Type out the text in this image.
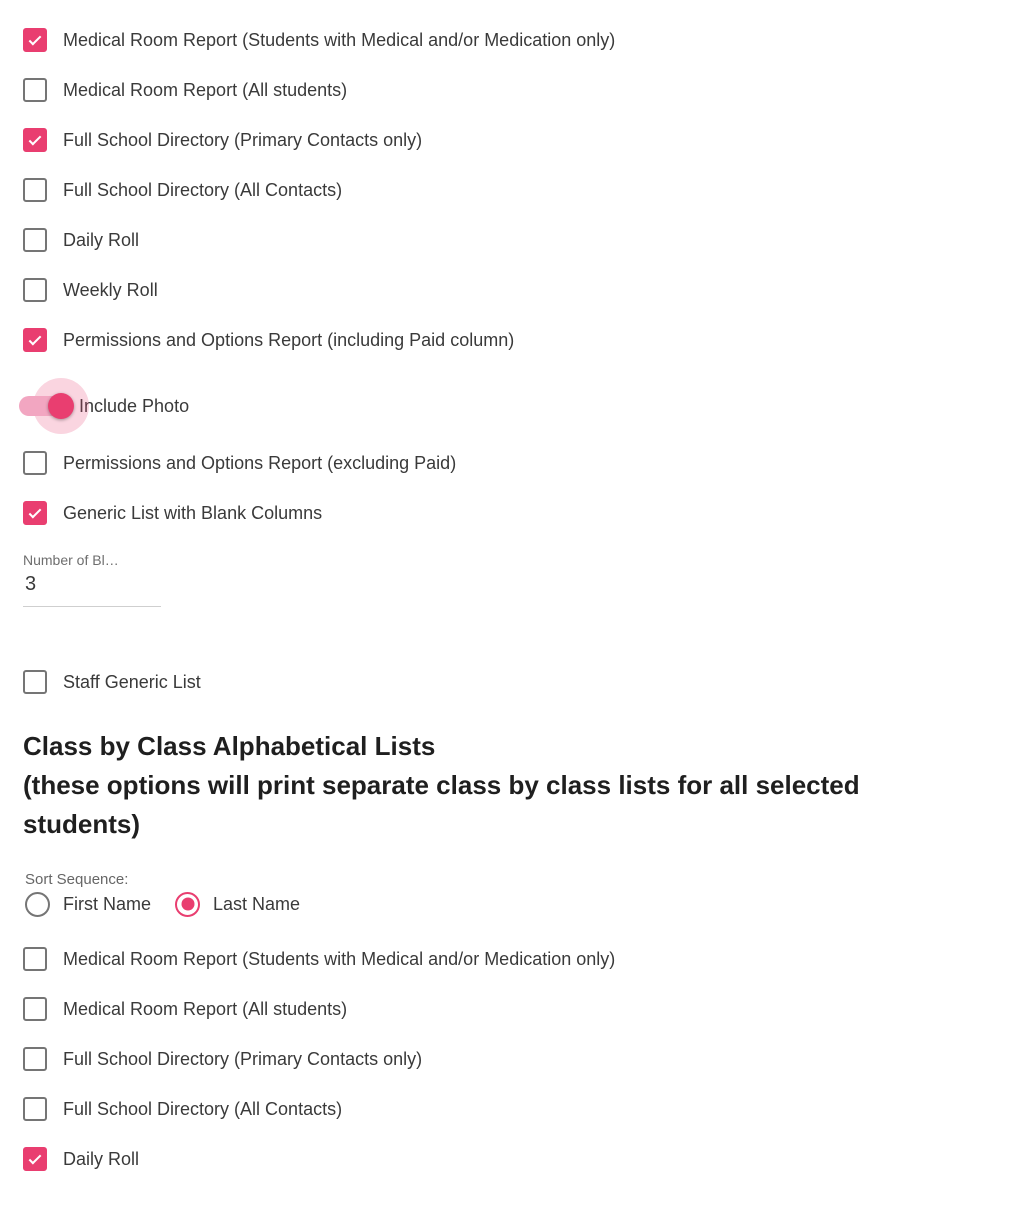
Medical Room Report (Students with Medical and/or Medication only)
Medical Room Report (All students)
Full School Directory (Primary Contacts only)
Full School Directory (All Contacts)
Daily Roll
Weekly Roll
Permissions and Options Report (including Paid column)
Include Photo
Permissions and Options Report (excluding Paid)
Generic List with Blank Columns
Number of Bl…
3
Staff Generic List
Class by Class Alphabetical Lists
(these options will print separate class by class lists for all selected students)
Sort Sequence:
First Name	Last Name
Medical Room Report (Students with Medical and/or Medication only)
Medical Room Report (All students)
Full School Directory (Primary Contacts only)
Full School Directory (All Contacts)
Daily Roll
